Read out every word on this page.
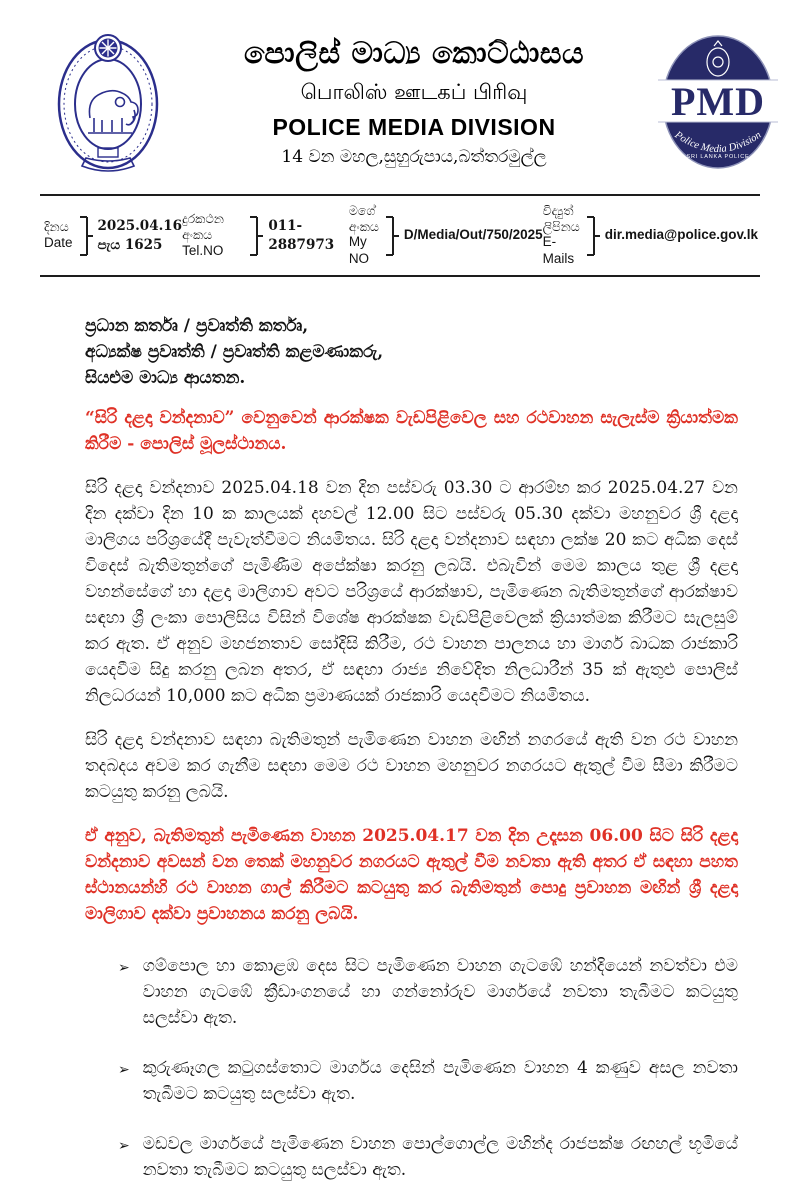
පොලිස් මාධ්‍ය කොට්ඨාසය
பொலிஸ் ஊடகப் பிரிவு
POLICE MEDIA DIVISION
14 වන මහල,සුහුරුපාය,බත්තරමුල්ල
PMD
Police Media Division
SRI LANKA POLICE
දිනය
Date
2025.04.16
පැය 1625
දුරකථන අංකය
Tel.NO
011-2887973
මගේ අංකය
My NO
D/Media/Out/750/2025
විද්‍යුත් ලිපිනය
E-Mails
dir.media@police.gov.lk
ප්‍රධාන කර්තෘ / ප්‍රවෘත්ති කර්තෘ,
අධ්‍යක්ෂ ප්‍රවෘත්ති / ප්‍රවෘත්ති කළමණාකරු,
සියළුම මාධ්‍ය ආයතන.
“සිරි දළදා වන්දනාව” වෙනුවෙන් ආරක්ෂක වැඩපිළිවෙල සහ රථවාහන සැලැස්ම ක්‍රියාත්මක කිරීම - පොලිස් මූලස්ථානය.
සිරි දළදා වන්දනාව 2025.04.18 වන දින පස්වරු 03.30 ට ආරම්භ කර 2025.04.27 වන දින දක්වා දින 10 ක කාලයක් දහවල් 12.00 සිට පස්වරු 05.30 දක්වා මහනුවර ශ්‍රී දළදා මාලිගය පරිශ්‍රයේදී පැවැත්වීමට නියමිතය. සිරි දළදා වන්දනාව සඳහා ලක්ෂ 20 කට අධික දෙස් විදෙස් බැතිමතුන්ගේ පැමිණීම අපේක්ෂා කරනු ලබයි. එබැවින් මෙම කාලය තුළ ශ්‍රී දළදා වහන්සේගේ හා දළදා මාලිගාව අවට පරිශ්‍රයේ ආරක්ෂාව, පැමිණෙන බැතිමතුන්ගේ ආරක්ෂාව සඳහා ශ්‍රී ලංකා පොලිසිය විසින් විශේෂ ආරක්ෂක වැඩපිළිවෙලක් ක්‍රියාත්මක කිරීමට සැලසුම් කර ඇත. ඒ අනුව මහජනතාව සෝදිසි කිරීම, රථ වාහන පාලනය හා මාර්ග බාධක රාජකාරි යෙදවීම සිදු කරනු ලබන අතර, ඒ සඳහා රාජ්‍ය නිවේදිත නිලධාරීන් 35 ක් ඇතුළු පොලිස් නිලධරයන් 10,000 කට අධික ප්‍රමාණයක් රාජකාරි යෙදවීමට නියමිතය.
සිරි දළදා වන්දනාව සඳහා බැතිමතුන් පැමිණෙන වාහන මඟින් නගරයේ ඇති වන රථ වාහන තදබදය අවම කර ගැනීම සඳහා මෙම රථ වාහන මහනුවර නගරයට ඇතුල් වීම සීමා කිරීමට කටයුතු කරනු ලබයි.
ඒ අනුව, බැතිමතුන් පැමිණෙන වාහන 2025.04.17 වන දින උදෑසන 06.00 සිට සිරි දළදා වන්දනාව අවසන් වන තෙක් මහනුවර නගරයට ඇතුල් වීම නවතා ඇති අතර ඒ සඳහා පහත ස්ථානයන්හි රථ වාහන ගාල් කිරීමට කටයුතු කර බැතිමතුන් පොදු ප්‍රවාහන මඟින් ශ්‍රී දළදා මාලිගාව දක්වා ප්‍රවාහනය කරනු ලබයි.
➢ ගම්පොල හා කොළඹ දෙස සිට පැමිණෙන වාහන ගැටඹේ හන්දියෙන් නවත්වා එම වාහන ගැටඹේ ක්‍රීඩාංගනයේ හා ගන්නෝරුව මාර්ගයේ නවතා තැබීමට කටයුතු සලස්වා ඇත.
➢ කුරුණෑගල කටුගස්තොට මාර්ගය දෙසින් පැමිණෙන වාහන 4 කණුව අසල නවතා තැබීමට කටයුතු සලස්වා ඇත.
➢ මඩවල මාර්ගයේ පැමිණෙන වාහන පොල්ගොල්ල මහින්ද රාජපක්ෂ රඟහල් භූමියේ නවතා තැබීමට කටයුතු සලස්වා ඇත.
